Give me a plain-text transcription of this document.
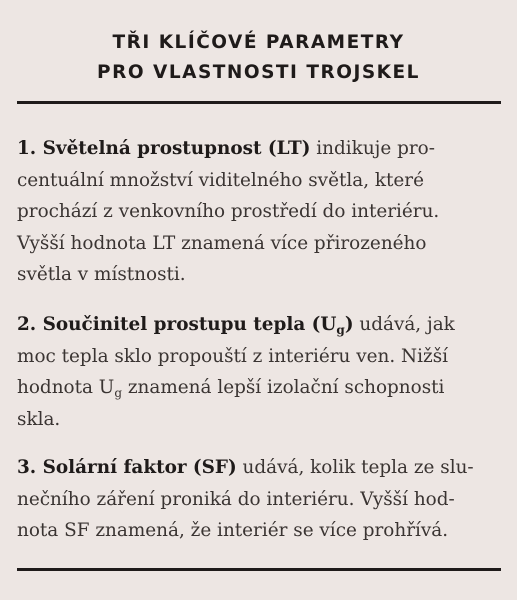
TŘI KLÍČOVÉ PARAMETRY
PRO VLASTNOSTI TROJSKEL
1. Světelná prostupnost (LT) indikuje pro-
centuální množství viditelného světla, které
prochází z venkovního prostředí do interiéru.
Vyšší hodnota LT znamená více přirozeného
světla v místnosti.
2. Součinitel prostupu tepla $(U_g)$ udává, jak
moc tepla sklo propouští z interiéru ven. Nižší
hodnota $U_g$ znamená lepší izolační schopnosti
skla.
3. Solární faktor (SF) udává, kolik tepla ze slu-
nečního záření proniká do interiéru. Vyšší hod-
nota SF znamená, že interiér se více prohřívá.
